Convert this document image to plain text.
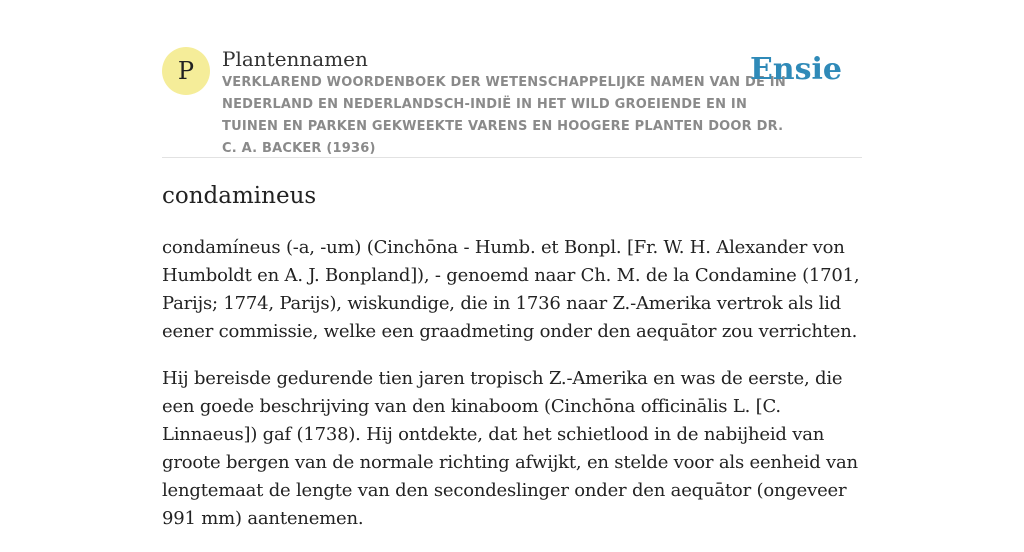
P Plantennamen
VERKLAREND WOORDENBOEK DER WETENSCHAPPELIJKE NAMEN VAN DE IN NEDERLAND EN NEDERLANDSCH-INDIË IN HET WILD GROEIENDE EN IN TUINEN EN PARKEN GEKWEEKTE VARENS EN HOOGERE PLANTEN DOOR DR. C. A. BACKER (1936)
Ensie
condamineus

condamíneus (-a, -um) (Cinchōna - Humb. et Bonpl. [Fr. W. H. Alexander von Humboldt en A. J. Bonpland]), - genoemd naar Ch. M. de la Condamine (1701, Parijs; 1774, Parijs), wiskundige, die in 1736 naar Z.-Amerika vertrok als lid eener commissie, welke een graadmeting onder den aequātor zou verrichten.

Hij bereisde gedurende tien jaren tropisch Z.-Amerika en was de eerste, die een goede beschrijving van den kinaboom (Cinchōna officinālis L. [C. Linnaeus]) gaf (1738). Hij ontdekte, dat het schietlood in de nabijheid van groote bergen van de normale richting afwijkt, en stelde voor als eenheid van lengtemaat de lengte van den secondeslinger onder den aequātor (ongeveer 991 mm) aantenemen.
